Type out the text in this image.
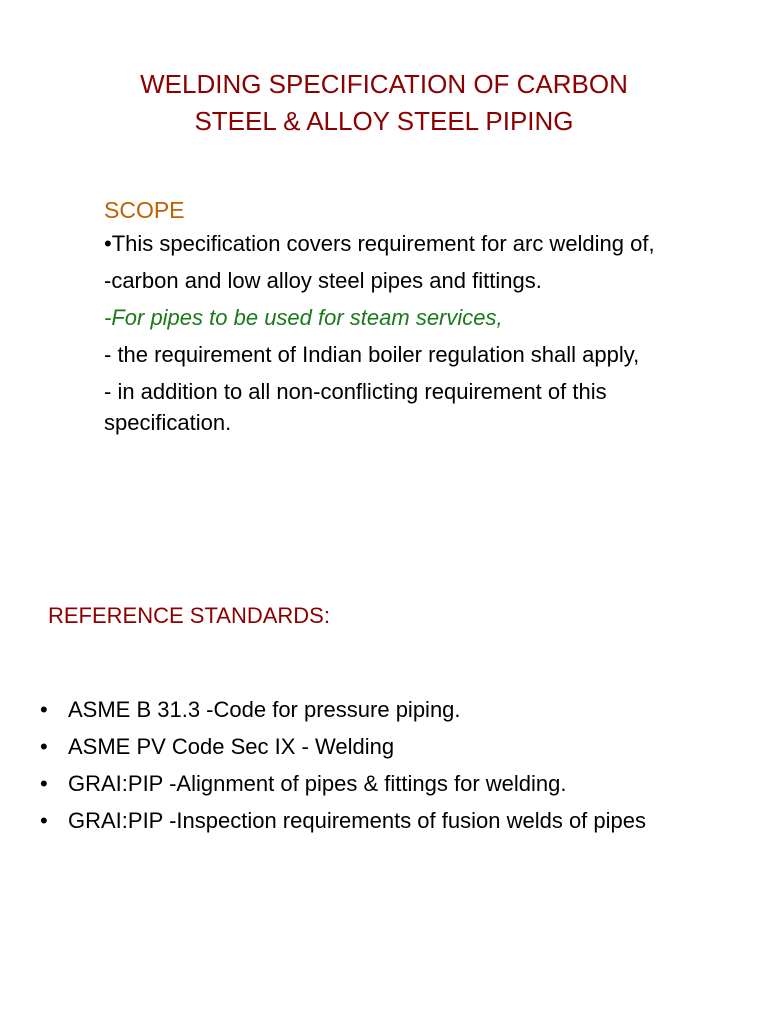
WELDING SPECIFICATION OF CARBON
STEEL & ALLOY STEEL PIPING
SCOPE

•This specification covers requirement for arc welding of,

-carbon and low alloy steel pipes and fittings.

-For pipes to be used for steam services,

- the requirement of Indian boiler regulation shall apply,

- in addition to all non-conflicting requirement of this specification.

REFERENCE STANDARDS:
• ASME B 31.3 -Code for pressure piping.
• ASME PV Code Sec IX - Welding
• GRAI:PIP -Alignment of pipes & fittings for welding.
• GRAI:PIP -Inspection requirements of fusion welds of pipes
